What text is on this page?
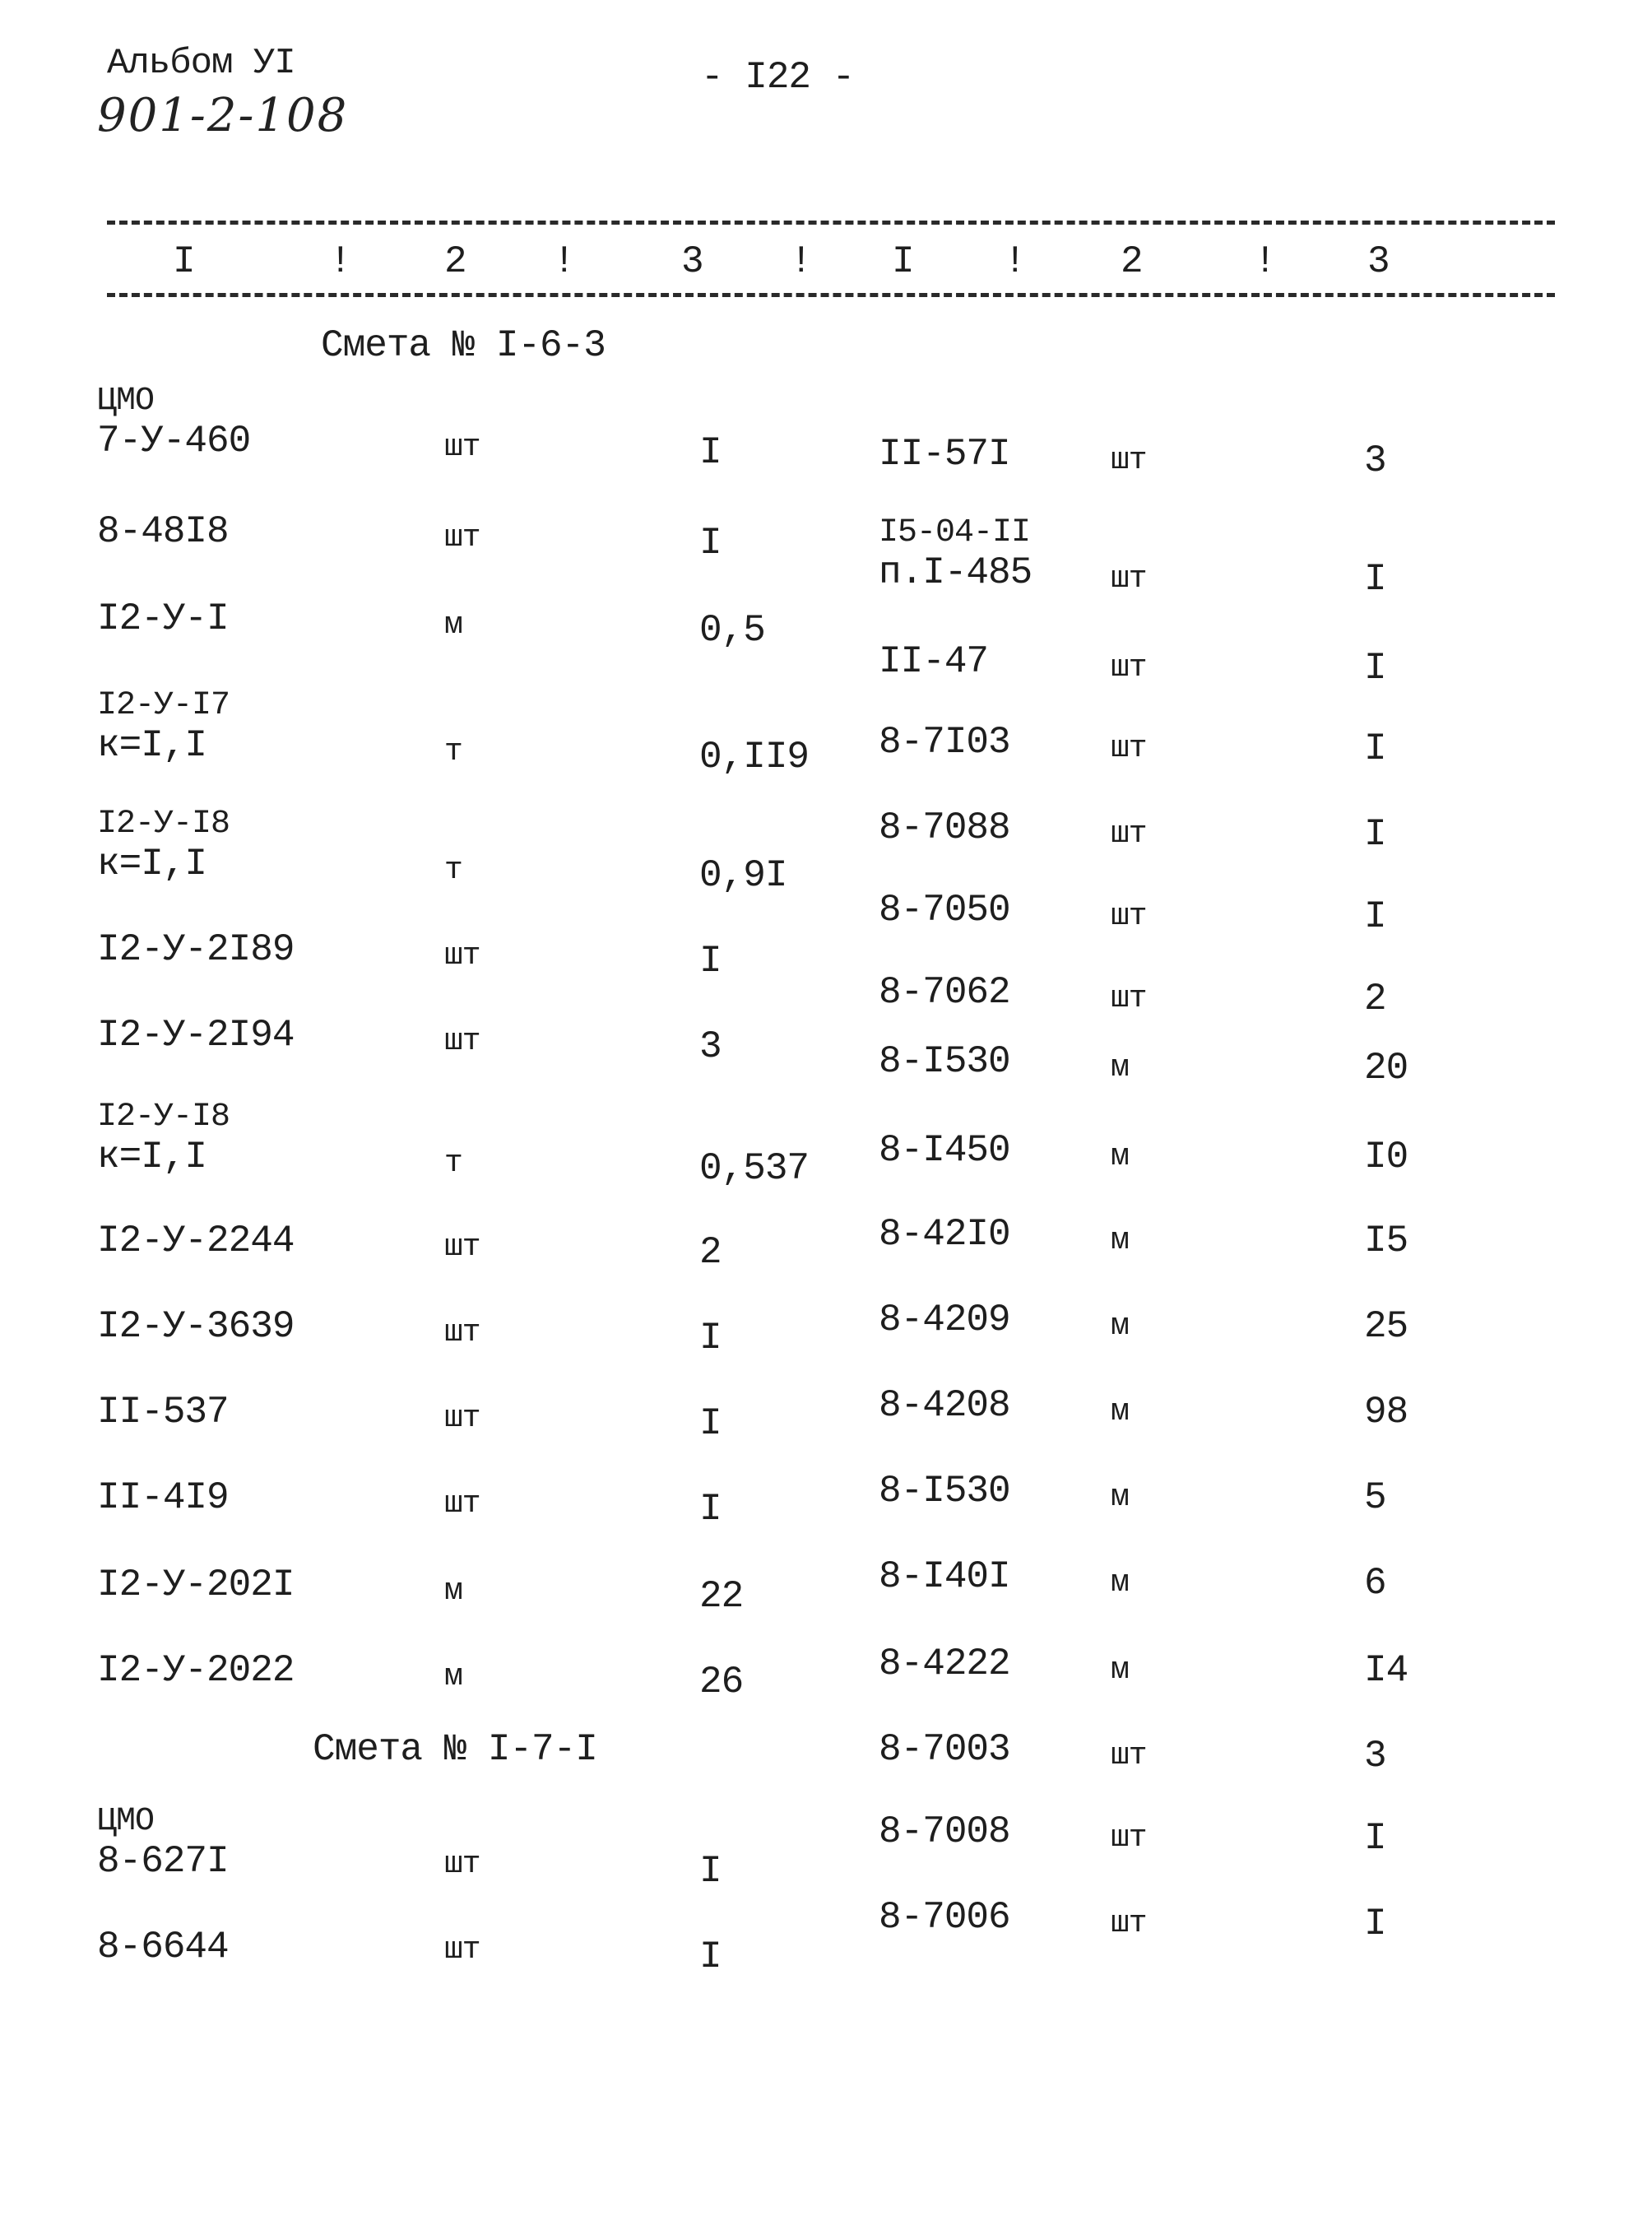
Альбом УI
901-2-108
- I22 -
I	! 2 !	3 ! I !	2	! 3
Смета № I-6-3
ЦМО
7-У-460	шт	I
8-48I8	шт	I
I2-У-I	м	0,5
I2-У-I7
к=I,I	т	0,II9
I2-У-I8
к=I,I	т	0,9I
I2-У-2I89	шт	I
I2-У-2I94	шт	3
I2-У-I8
к=I,I	т	0,537
I2-У-2244	шт	2
I2-У-3639	шт	I
II-537	шт	I
II-4I9	шт	I
I2-У-202I	м	22
I2-У-2022	м	26
Смета № I-7-I
ЦМО
8-627I	шт	I
8-6644	шт	I
II-57I	шт	3
I5-04-II
п.I-485	шт	I
II-47	шт	I
8-7I03	шт	I
8-7088	шт	I
8-7050	шт	I
8-7062	шт	2
8-I530	м	20
8-I450	м	I0
8-42I0	м	I5
8-4209	м	25
8-4208	м	98
8-I530	м	5
8-I40I	м	6
8-4222	м	I4
8-7003	шт	3
8-7008	шт	I
8-7006	шт	I
